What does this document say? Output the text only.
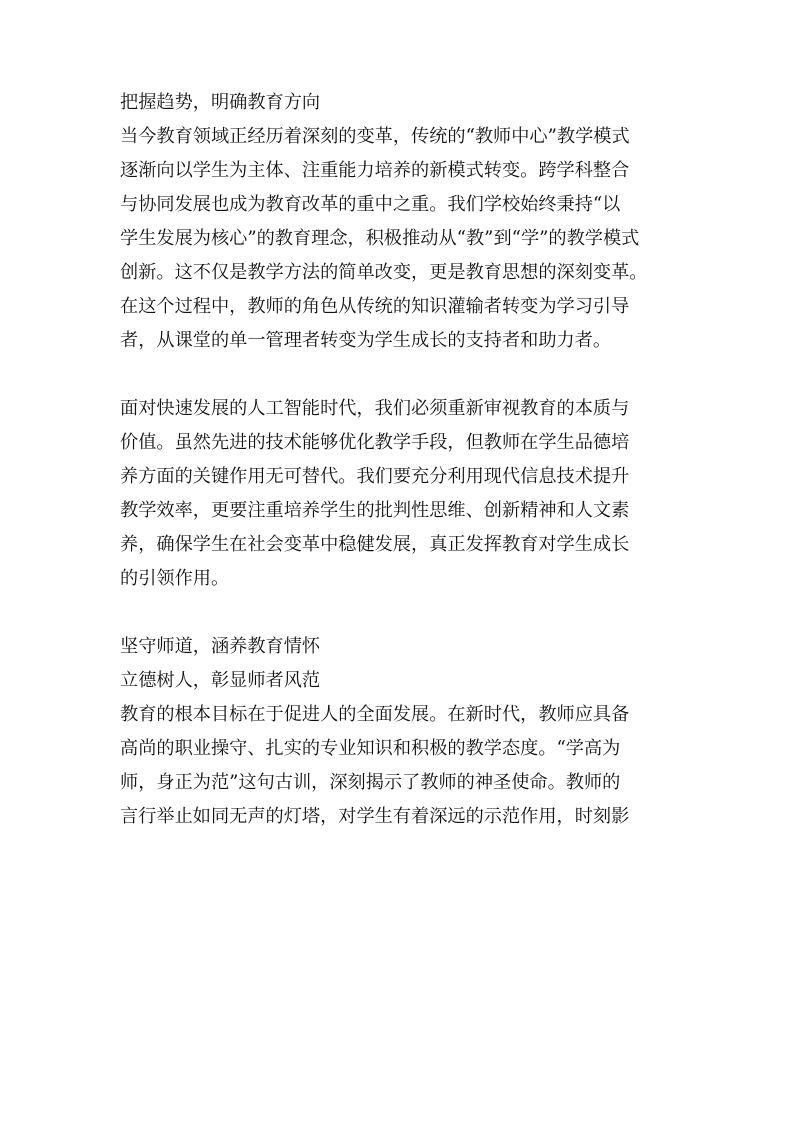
把握趋势，明确教育方向
当今教育领域正经历着深刻的变革，传统的“教师中心”教学模式
逐渐向以学生为主体、注重能力培养的新模式转变。跨学科整合
与协同发展也成为教育改革的重中之重。我们学校始终秉持“以
学生发展为核心”的教育理念，积极推动从“教”到“学”的教学模式
创新。这不仅是教学方法的简单改变，更是教育思想的深刻变革。
在这个过程中，教师的角色从传统的知识灌输者转变为学习引导
者，从课堂的单一管理者转变为学生成长的支持者和助力者。
面对快速发展的人工智能时代，我们必须重新审视教育的本质与
价值。虽然先进的技术能够优化教学手段，但教师在学生品德培
养方面的关键作用无可替代。我们要充分利用现代信息技术提升
教学效率，更要注重培养学生的批判性思维、创新精神和人文素
养，确保学生在社会变革中稳健发展，真正发挥教育对学生成长
的引领作用。
坚守师道，涵养教育情怀
立德树人，彰显师者风范
教育的根本目标在于促进人的全面发展。在新时代，教师应具备
高尚的职业操守、扎实的专业知识和积极的教学态度。“学高为
师，身正为范”这句古训，深刻揭示了教师的神圣使命。教师的
言行举止如同无声的灯塔，对学生有着深远的示范作用，时刻影
